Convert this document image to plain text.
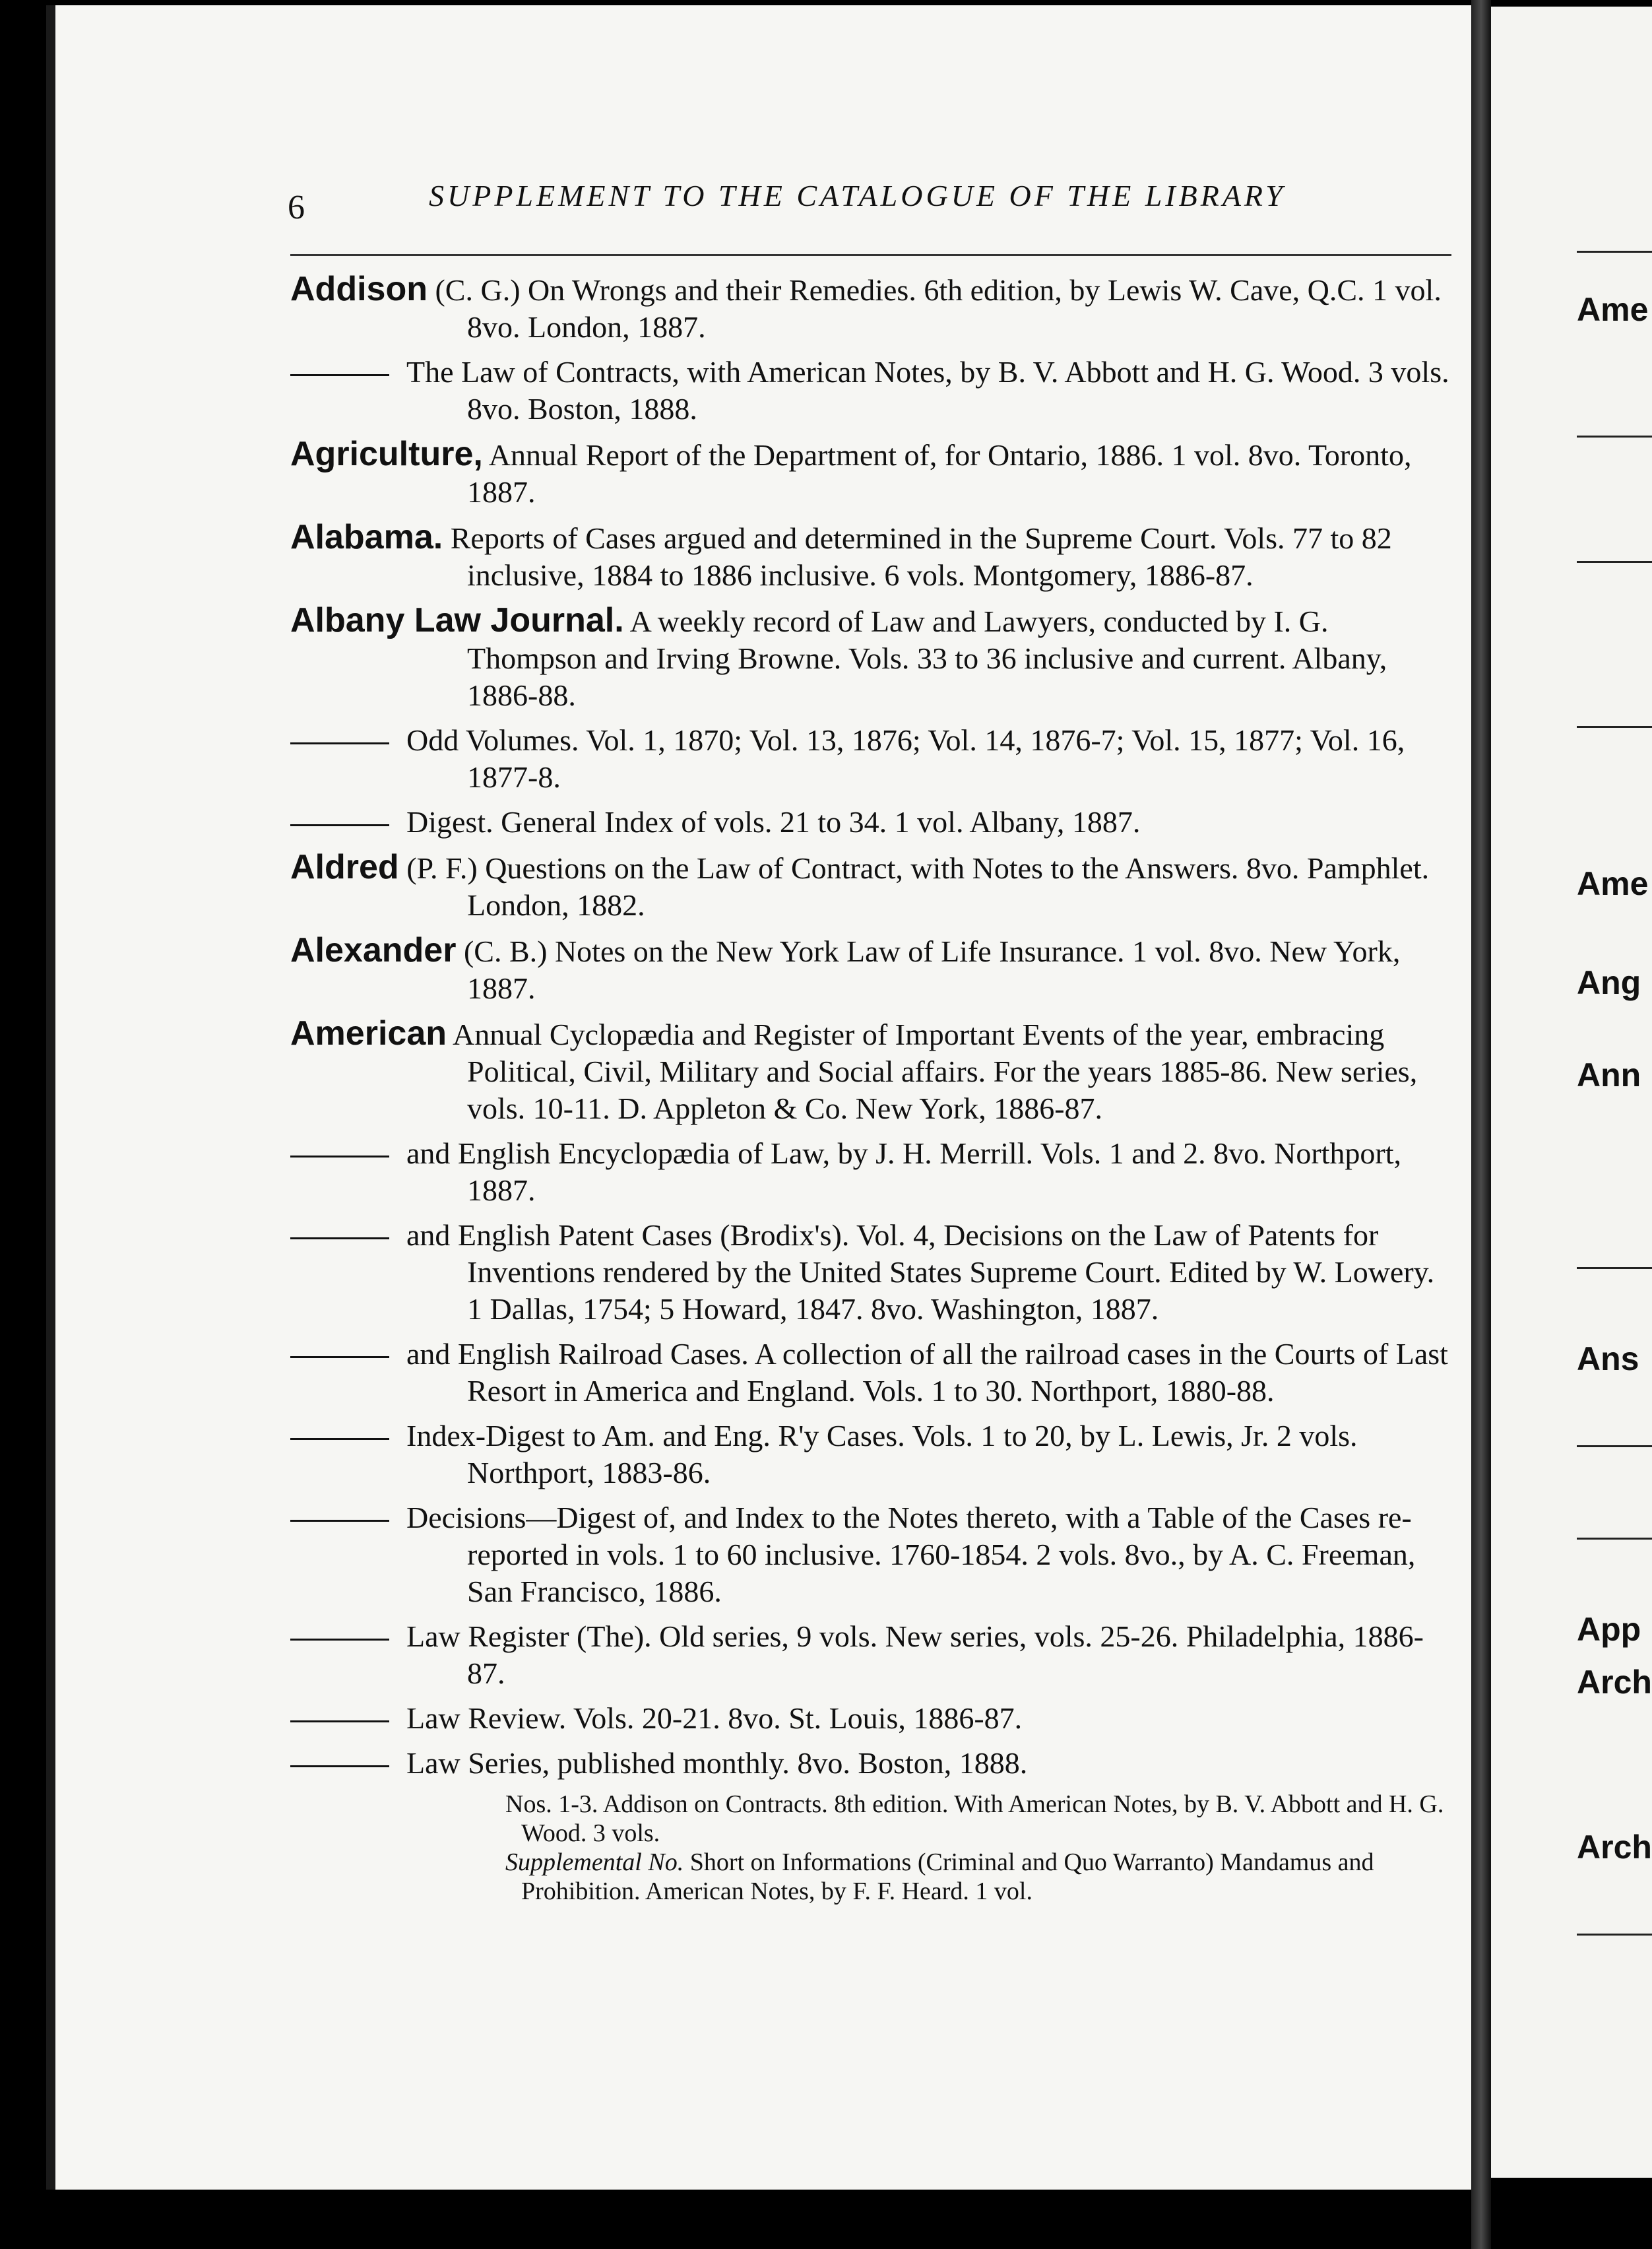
6	SUPPLEMENT TO THE CATALOGUE OF THE LIBRARY
Addison (C. G.) On Wrongs and their Remedies. 6th edition, by Lewis W. Cave, Q.C. 1 vol. 8vo. London, 1887.
The Law of Contracts, with American Notes, by B. V. Abbott and H. G. Wood. 3 vols. 8vo. Boston, 1888.
Agriculture, Annual Report of the Department of, for Ontario, 1886. 1 vol. 8vo. Toronto, 1887.
Alabama. Reports of Cases argued and determined in the Supreme Court. Vols. 77 to 82 inclusive, 1884 to 1886 inclusive. 6 vols. Montgomery, 1886-87.
Albany Law Journal. A weekly record of Law and Lawyers, conducted by I. G. Thompson and Irving Browne. Vols. 33 to 36 inclusive and current. Albany, 1886-88.
Odd Volumes. Vol. 1, 1870; Vol. 13, 1876; Vol. 14, 1876-7; Vol. 15, 1877; Vol. 16, 1877-8.
Digest. General Index of vols. 21 to 34. 1 vol. Albany, 1887.
Aldred (P. F.) Questions on the Law of Contract, with Notes to the Answers. 8vo. Pamphlet. London, 1882.
Alexander (C. B.) Notes on the New York Law of Life Insurance. 1 vol. 8vo. New York, 1887.
American Annual Cyclopædia and Register of Important Events of the year, embracing Political, Civil, Military and Social affairs. For the years 1885-86. New series, vols. 10-11. D. Appleton & Co. New York, 1886-87.
and English Encyclopædia of Law, by J. H. Merrill. Vols. 1 and 2. 8vo. Northport, 1887.
and English Patent Cases (Brodix's). Vol. 4, Decisions on the Law of Patents for Inventions rendered by the United States Supreme Court. Edited by W. Lowery. 1 Dallas, 1754; 5 Howard, 1847. 8vo. Washington, 1887.
and English Railroad Cases. A collection of all the railroad cases in the Courts of Last Resort in America and England. Vols. 1 to 30. Northport, 1880-88.
Index-Digest to Am. and Eng. R'y Cases. Vols. 1 to 20, by L. Lewis, Jr. 2 vols. Northport, 1883-86.
Decisions—Digest of, and Index to the Notes thereto, with a Table of the Cases re-reported in vols. 1 to 60 inclusive. 1760-1854. 2 vols. 8vo., by A. C. Freeman, San Francisco, 1886.
Law Register (The). Old series, 9 vols. New series, vols. 25-26. Philadelphia, 1886-87.
Law Review. Vols. 20-21. 8vo. St. Louis, 1886-87.
Law Series, published monthly. 8vo. Boston, 1888.
Nos. 1-3. Addison on Contracts. 8th edition. With American Notes, by B. V. Abbott and H. G. Wood. 3 vols.
Supplemental No. Short on Informations (Criminal and Quo Warranto) Mandamus and Prohibition. American Notes, by F. F. Heard. 1 vol.
Ame
Ame
Ang
Ann
Ans
App
Arch
Arch
